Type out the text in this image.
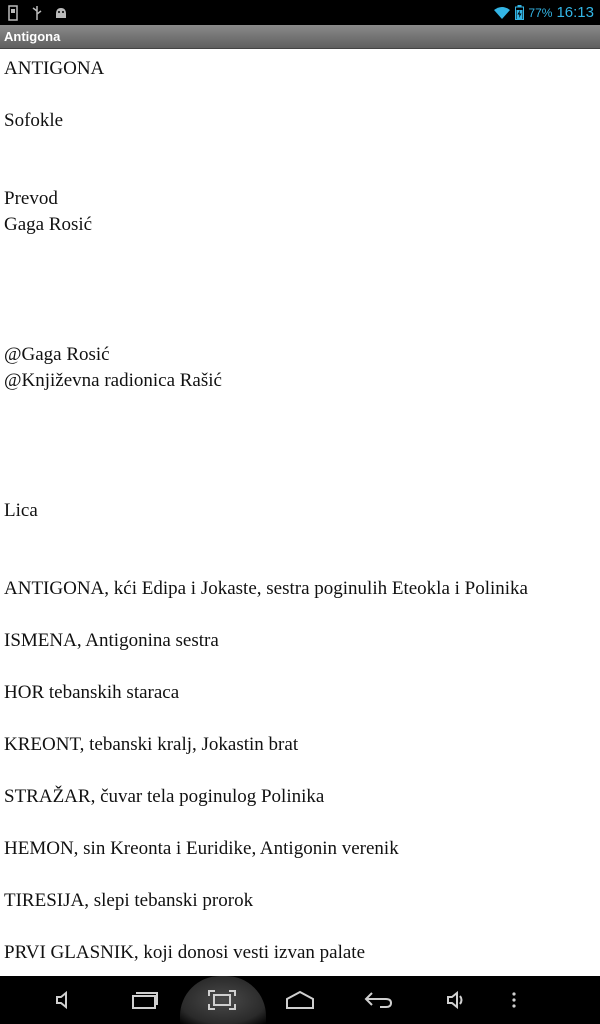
77% 16:13
Antigona
ANTIGONA
Sofokle
Prevod
Gaga Rosić
@Gaga Rosić
@Književna radionica Rašić
Lica
ANTIGONA, kći Edipa i Jokaste, sestra poginulih Eteokla i Polinika
ISMENA, Antigonina sestra
HOR tebanskih staraca
KREONT, tebanski kralj, Jokastin brat
STRAŽAR, čuvar tela poginulog Polinika
HEMON, sin Kreonta i Euridike, Antigonin verenik
TIRESIJA, slepi tebanski prorok
PRVI GLASNIK, koji donosi vesti izvan palate
